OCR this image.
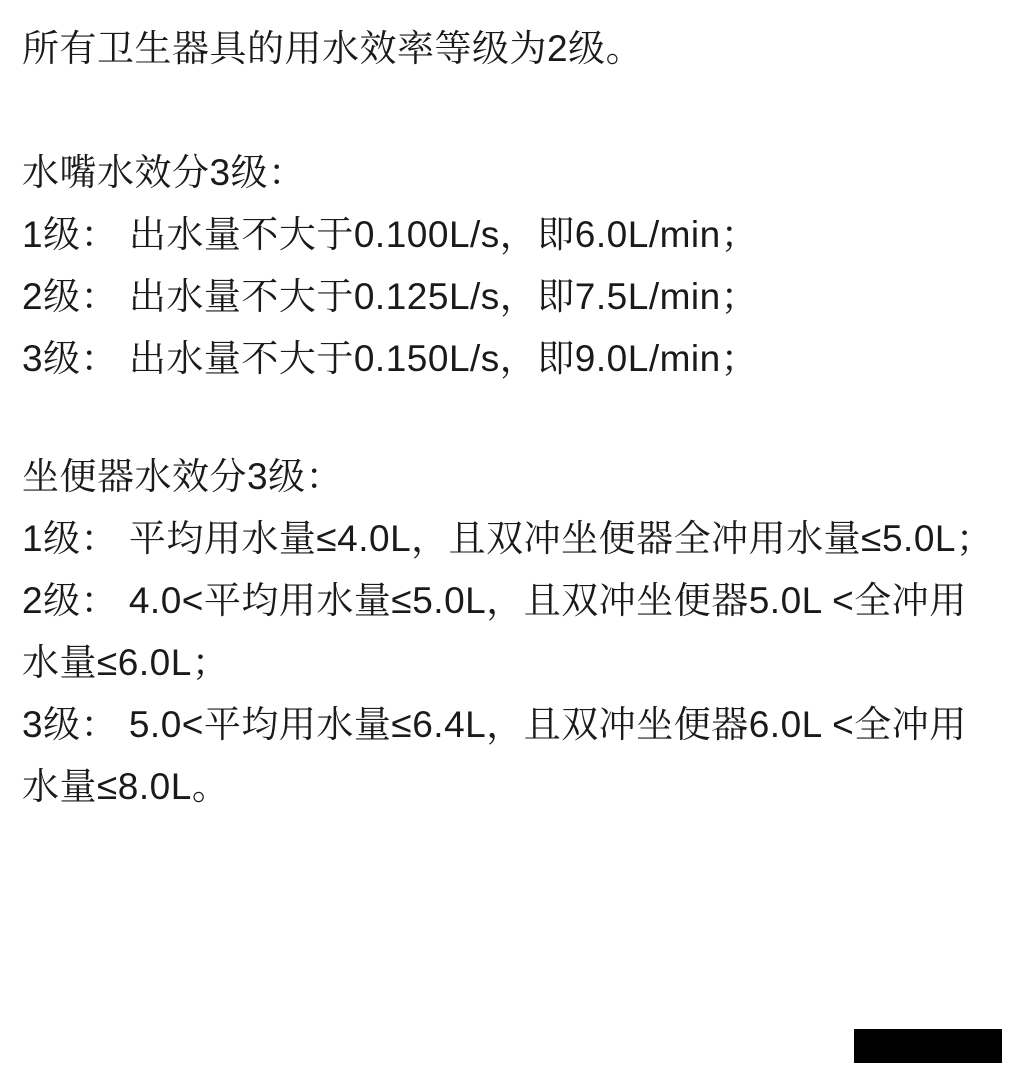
所有卫生器具的用水效率等级为2级。
水嘴水效分3级：
1级： 出水量不大于0.100L/s，即6.0L/min；
2级： 出水量不大于0.125L/s，即7.5L/min；
3级： 出水量不大于0.150L/s，即9.0L/min；
坐便器水效分3级：
1级： 平均用水量≤4.0L，且双冲坐便器全冲用水量≤5.0L；
2级： 4.0<平均用水量≤5.0L，且双冲坐便器5.0L <全冲用水量≤6.0L；
3级： 5.0<平均用水量≤6.4L，且双冲坐便器6.0L <全冲用水量≤8.0L。
